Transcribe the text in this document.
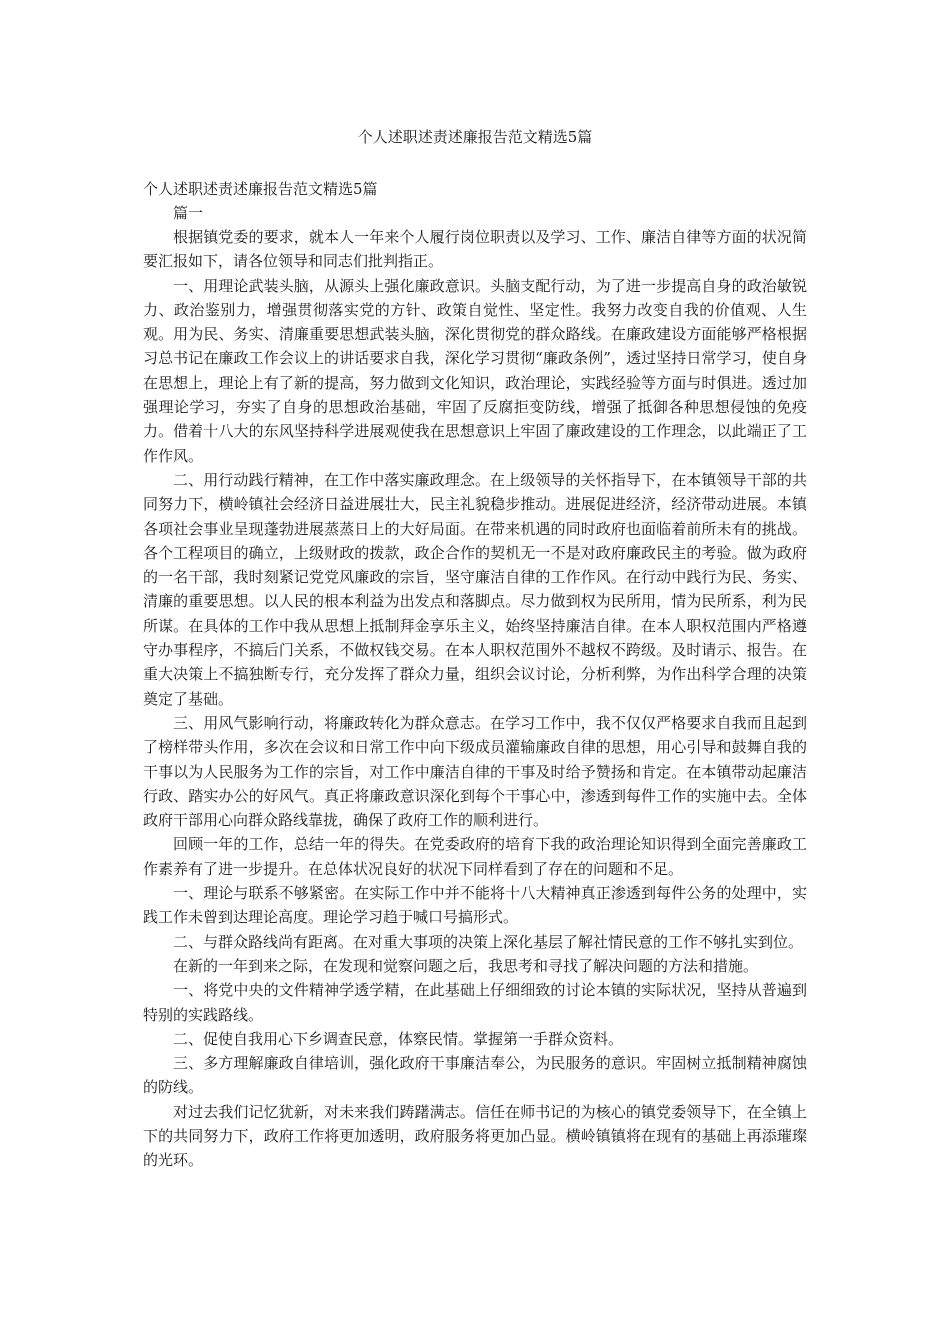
个人述职述责述廉报告范文精选5篇

个人述职述责述廉报告范文精选5篇

篇一

根据镇党委的要求，就本人一年来个人履行岗位职责以及学习、工作、廉洁自律等方面的状况简要汇报如下，请各位领导和同志们批判指正。

一、用理论武装头脑，从源头上强化廉政意识。头脑支配行动，为了进一步提高自身的政治敏锐力、政治鉴别力，增强贯彻落实党的方针、政策自觉性、坚定性。我努力改变自我的价值观、人生观。用为民、务实、清廉重要思想武装头脑，深化贯彻党的群众路线。在廉政建设方面能够严格根据习总书记在廉政工作会议上的讲话要求自我，深化学习贯彻“廉政条例”，透过坚持日常学习，使自身在思想上，理论上有了新的提高，努力做到文化知识，政治理论，实践经验等方面与时俱进。透过加强理论学习，夯实了自身的思想政治基础，牢固了反腐拒变防线，增强了抵御各种思想侵蚀的免疫力。借着十八大的东风坚持科学进展观使我在思想意识上牢固了廉政建设的工作理念，以此端正了工作作风。

二、用行动践行精神，在工作中落实廉政理念。在上级领导的关怀指导下，在本镇领导干部的共同努力下，横岭镇社会经济日益进展壮大，民主礼貌稳步推动。进展促进经济，经济带动进展。本镇各项社会事业呈现蓬勃进展蒸蒸日上的大好局面。在带来机遇的同时政府也面临着前所未有的挑战。各个工程项目的确立，上级财政的拨款，政企合作的契机无一不是对政府廉政民主的考验。做为政府的一名干部，我时刻紧记党党风廉政的宗旨，坚守廉洁自律的工作作风。在行动中践行为民、务实、清廉的重要思想。以人民的根本利益为出发点和落脚点。尽力做到权为民所用，情为民所系，利为民所谋。在具体的工作中我从思想上抵制拜金享乐主义，始终坚持廉洁自律。在本人职权范围内严格遵守办事程序，不搞后门关系，不做权钱交易。在本人职权范围外不越权不跨级。及时请示、报告。在重大决策上不搞独断专行，充分发挥了群众力量，组织会议讨论，分析利弊，为作出科学合理的决策奠定了基础。

三、用风气影响行动，将廉政转化为群众意志。在学习工作中，我不仅仅严格要求自我而且起到了榜样带头作用，多次在会议和日常工作中向下级成员灌输廉政自律的思想，用心引导和鼓舞自我的干事以为人民服务为工作的宗旨，对工作中廉洁自律的干事及时给予赞扬和肯定。在本镇带动起廉洁行政、踏实办公的好风气。真正将廉政意识深化到每个干事心中，渗透到每件工作的实施中去。全体政府干部用心向群众路线靠拢，确保了政府工作的顺利进行。

回顾一年的工作，总结一年的得失。在党委政府的培育下我的政治理论知识得到全面完善廉政工作素养有了进一步提升。在总体状况良好的状况下同样看到了存在的问题和不足。

一、理论与联系不够紧密。在实际工作中并不能将十八大精神真正渗透到每件公务的处理中，实践工作未曾到达理论高度。理论学习趋于喊口号搞形式。

二、与群众路线尚有距离。在对重大事项的决策上深化基层了解社情民意的工作不够扎实到位。

在新的一年到来之际，在发现和觉察问题之后，我思考和寻找了解决问题的方法和措施。

一、将党中央的文件精神学透学精，在此基础上仔细细致的讨论本镇的实际状况，坚持从普遍到特别的实践路线。

二、促使自我用心下乡调查民意，体察民情。掌握第一手群众资料。

三、多方理解廉政自律培训，强化政府干事廉洁奉公，为民服务的意识。牢固树立抵制精神腐蚀的防线。

对过去我们记忆犹新，对未来我们踌躇满志。信任在师书记的为核心的镇党委领导下，在全镇上下的共同努力下，政府工作将更加透明，政府服务将更加凸显。横岭镇镇将在现有的基础上再添璀璨的光环。
